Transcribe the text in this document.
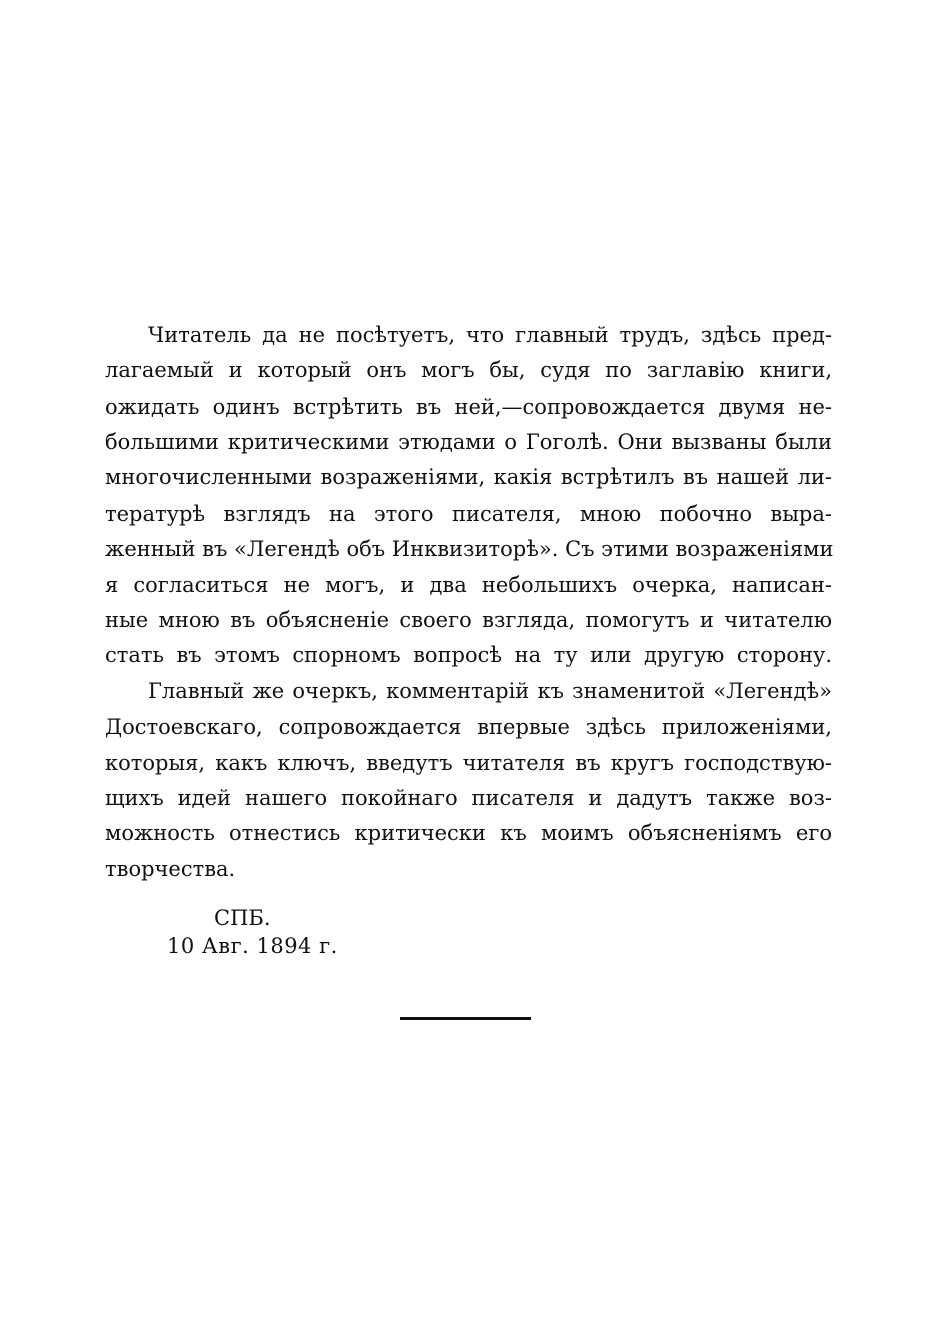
Читатель да не посѣтуетъ, что главный трудъ, здѣсь пред-
лагаемый и который онъ могъ бы, судя по заглавію книги,
ожидать одинъ встрѣтить въ ней,—сопровождается двумя не-
большими критическими этюдами о Гоголѣ. Они вызваны были
многочисленными возраженіями, какія встрѣтилъ въ нашей ли-
тературѣ взглядъ на этого писателя, мною побочно выра-
женный въ «Легендѣ объ Инквизиторѣ». Съ этими возраженіями
я согласиться не могъ, и два небольшихъ очерка, написан-
ные мною въ объясненіе своего взгляда, помогутъ и читателю
стать въ этомъ спорномъ вопросѣ на ту или другую сторону.
Главный же очеркъ, комментарій къ знаменитой «Легендѣ»
Достоевскаго, сопровождается впервые здѣсь приложеніями,
которыя, какъ ключъ, введутъ читателя въ кругъ господствую-
щихъ идей нашего покойнаго писателя и дадутъ также воз-
можность отнестись критически къ моимъ объясненіямъ его
творчества.
СПБ.
10 Авг. 1894 г.
